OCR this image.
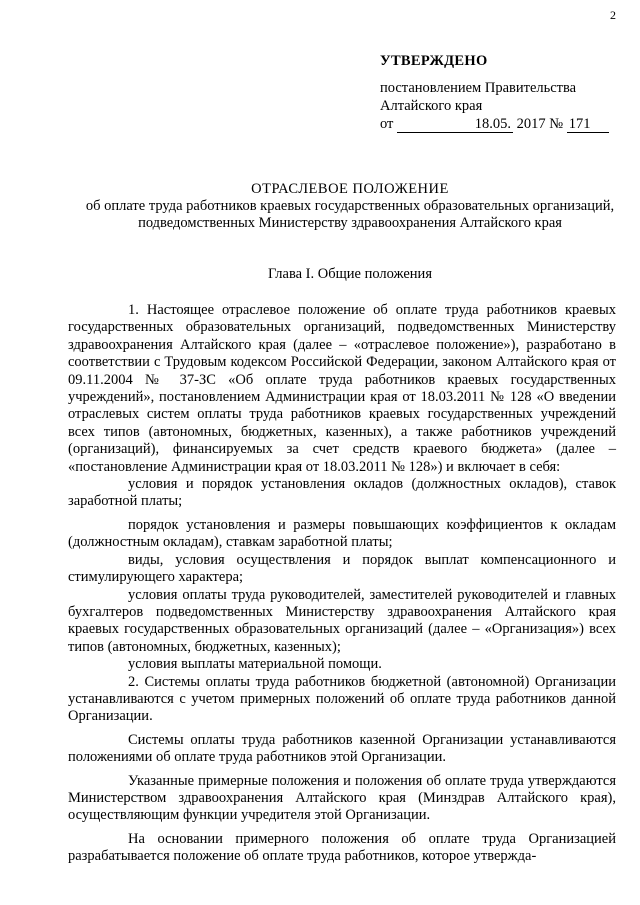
2
УТВЕРЖДЕНО
постановлением Правительства
Алтайского края
от	18.05. 2017 № 171
ОТРАСЛЕВОЕ ПОЛОЖЕНИЕ
об оплате труда работников краевых государственных образовательных организаций, подведомственных Министерству здравоохранения Алтайского края
Глава I. Общие положения

1. Настоящее отраслевое положение об оплате труда работников краевых государственных образовательных организаций, подведомственных Министерству здравоохранения Алтайского края (далее – «отраслевое положение»), разработано в соответствии с Трудовым кодексом Российской Федерации, законом Алтайского края от 09.11.2004 № 37-ЗС «Об оплате труда работников краевых государственных учреждений», постановлением Администрации края от 18.03.2011 № 128 «О введении отраслевых систем оплаты труда работников краевых государственных учреждений всех типов (автономных, бюджетных, казенных), а также работников учреждений (организаций), финансируемых за счет средств краевого бюджета» (далее – «постановление Администрации края от 18.03.2011 № 128») и включает в себя:

условия и порядок установления окладов (должностных окладов), ставок заработной платы;

порядок установления и размеры повышающих коэффициентов к окладам (должностным окладам), ставкам заработной платы;

виды, условия осуществления и порядок выплат компенсационного и стимулирующего характера;

условия оплаты труда руководителей, заместителей руководителей и главных бухгалтеров подведомственных Министерству здравоохранения Алтайского края краевых государственных образовательных организаций (далее – «Организация») всех типов (автономных, бюджетных, казенных);

условия выплаты материальной помощи.

2. Системы оплаты труда работников бюджетной (автономной) Организации устанавливаются с учетом примерных положений об оплате труда работников данной Организации.

Системы оплаты труда работников казенной Организации устанавливаются положениями об оплате труда работников этой Организации.

Указанные примерные положения и положения об оплате труда утверждаются Министерством здравоохранения Алтайского края (Минздрав Алтайского края), осуществляющим функции учредителя этой Организации.

На основании примерного положения об оплате труда Организацией разрабатывается положение об оплате труда работников, которое утвержда-
